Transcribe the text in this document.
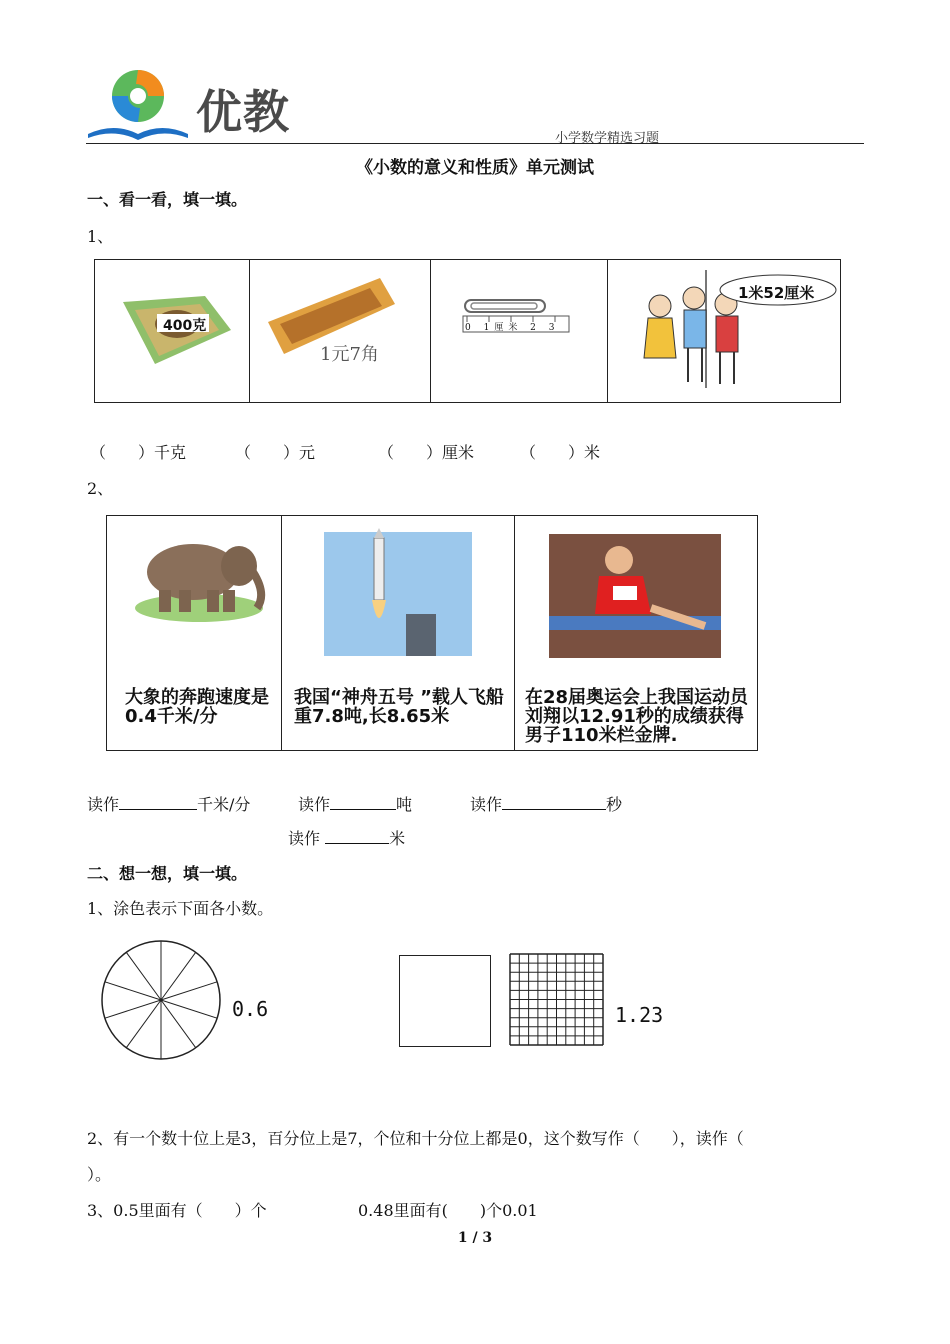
优教	小学数学精选习题
《小数的意义和性质》单元测试
一、看一看，填一填。
1、
400克

1元7角

0 1厘米 2 3

1米52厘米
（　　）千克	（　　）元	（　　）厘米	（　　）米
2、
大象的奔跑速度是0.4千米/分

我国“神舟五号 ”载人飞船重7.8吨,长8.65米

在28届奥运会上我国运动员刘翔以12.91秒的成绩获得男子110米栏金牌.
读作	千米/分	读作	吨	读作	秒
读作	米
二、想一想，填一填。
1、涂色表示下面各小数。
0.6	1.23
2、有一个数十位上是3，百分位上是7，个位和十分位上都是0，这个数写作（　　），读作（
）。
3、0.5里面有（　　）个	0.48里面有(　　)个0.01
1 / 3
